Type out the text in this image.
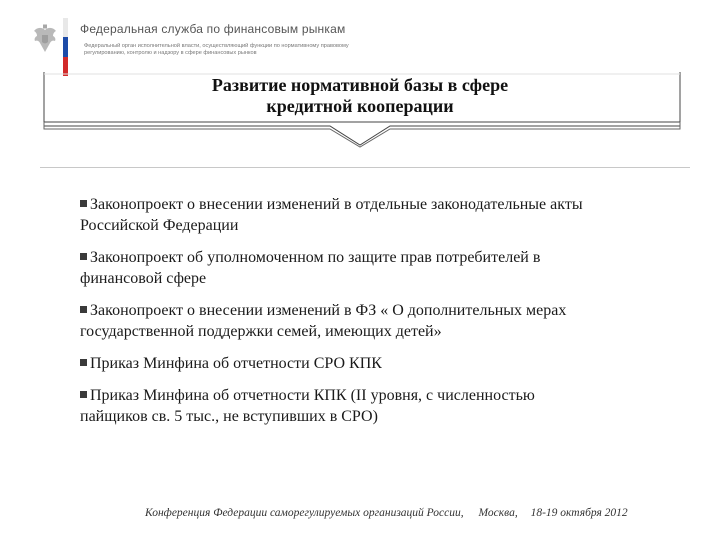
Федеральная служба по финансовым рынкам
Федеральный орган исполнительной власти, осуществляющий функции по нормативному правовому регулированию, контролю и надзору в сфере финансовых рынков
Развитие нормативной базы в сфере
кредитной кооперации
Законопроект о внесении изменений в отдельные законодательные акты
Российской Федерации
Законопроект об уполномоченном по защите прав потребителей в
финансовой сфере
Законопроект о внесении изменений в ФЗ « О дополнительных мерах
государственной поддержки семей, имеющих детей»
Приказ Минфина об отчетности СРО КПК
Приказ Минфина об отчетности КПК (II уровня, с численностью
пайщиков св. 5 тыс., не вступивших в СРО)
Конференция Федерации саморегулируемых организаций России, Москва, 18-19 октября 2012
